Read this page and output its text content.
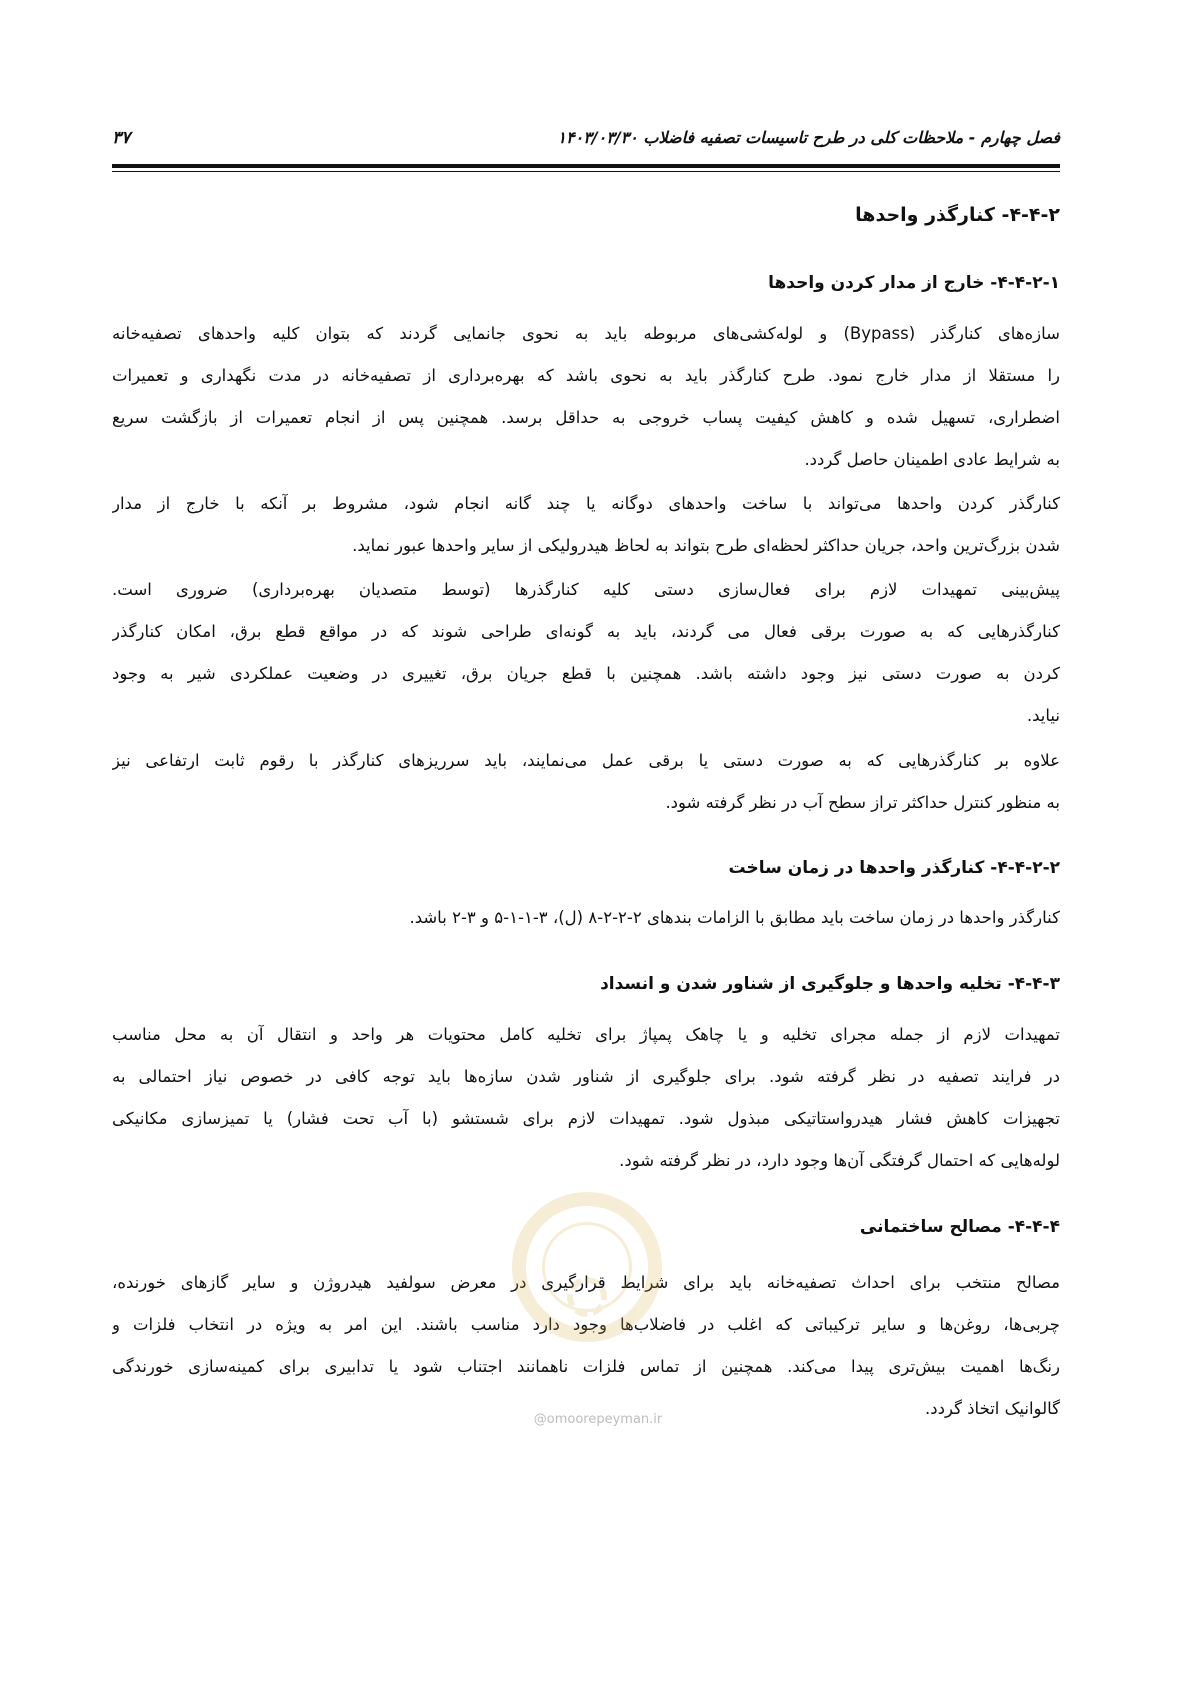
فصل چهارم - ملاحظات کلی در طرح تاسیسات تصفیه فاضلاب ۱۴۰۳/۰۳/۳۰
۳۷
۴-۴-۲- کنارگذر واحدها
۴-۴-۲-۱- خارج از مدار کردن واحدها
سازه‌های کنارگذر (Bypass) و لوله‌کشی‌های مربوطه باید به نحوی جانمایی گردند که بتوان کلیه واحدهای تصفیه‌خانه
را مستقلا از مدار خارج نمود. طرح کنارگذر باید به نحوی باشد که بهره‌برداری از تصفیه‌خانه در مدت نگهداری و تعمیرات
اضطراری، تسهیل شده و کاهش کیفیت پساب خروجی به حداقل برسد. همچنین پس از انجام تعمیرات از بازگشت سریع
به شرایط عادی اطمینان حاصل گردد.
کنارگذر کردن واحدها می‌تواند با ساخت واحدهای دوگانه یا چند گانه انجام شود، مشروط بر آنکه با خارج از مدار
شدن بزرگ‌ترین واحد، جریان حداکثر لحظه‌ای طرح بتواند به لحاظ هیدرولیکی از سایر واحدها عبور نماید.
پیش‌بینی تمهیدات لازم برای فعال‌سازی دستی کلیه کنارگذرها (توسط متصدیان بهره‌برداری) ضروری است.
کنارگذرهایی که به صورت برقی فعال می گردند، باید به گونه‌ای طراحی شوند که در مواقع قطع برق، امکان کنارگذر
کردن به صورت دستی نیز وجود داشته باشد. همچنین با قطع جریان برق، تغییری در وضعیت عملکردی شیر به وجود
نیاید.
علاوه بر کنارگذرهایی که به صورت دستی یا برقی عمل می‌نمایند، باید سرریزهای کنارگذر با رقوم ثابت ارتفاعی نیز
به منظور کنترل حداکثر تراز سطح آب در نظر گرفته شود.
۴-۴-۲-۲- کنارگذر واحدها در زمان ساخت
کنارگذر واحدها در زمان ساخت باید مطابق با الزامات بندهای ۲-۲-۲-۸ (ل)، ۳-۱-۱-۵ و ۳-۲ باشد.
۴-۴-۳- تخلیه واحدها و جلوگیری از شناور شدن و انسداد
تمهیدات لازم از جمله مجرای تخلیه و یا چاهک پمپاژ برای تخلیه کامل محتویات هر واحد و انتقال آن به محل مناسب
در فرایند تصفیه در نظر گرفته شود. برای جلوگیری از شناور شدن سازه‌ها باید توجه کافی در خصوص نیاز احتمالی به
تجهیزات کاهش فشار هیدرواستاتیکی مبذول شود. تمهیدات لازم برای شستشو (با آب تحت فشار) یا تمیزسازی مکانیکی
لوله‌هایی که احتمال گرفتگی آن‌ها وجود دارد، در نظر گرفته شود.
۴-۴-۴- مصالح ساختمانی
مصالح منتخب برای احداث تصفیه‌خانه باید برای شرایط قرارگیری در معرض سولفید هیدروژن و سایر گازهای خورنده،
چربی‌ها، روغن‌ها و سایر ترکیباتی که اغلب در فاضلاب‌ها وجود دارد مناسب باشند. این امر به ویژه در انتخاب فلزات و
رنگ‌ها اهمیت بیش‌تری پیدا می‌کند. همچنین از تماس فلزات ناهمانند اجتناب شود یا تدابیری برای کمینه‌سازی خورندگی
گالوانیک اتخاذ گردد.
@omoorepeyman.ir
